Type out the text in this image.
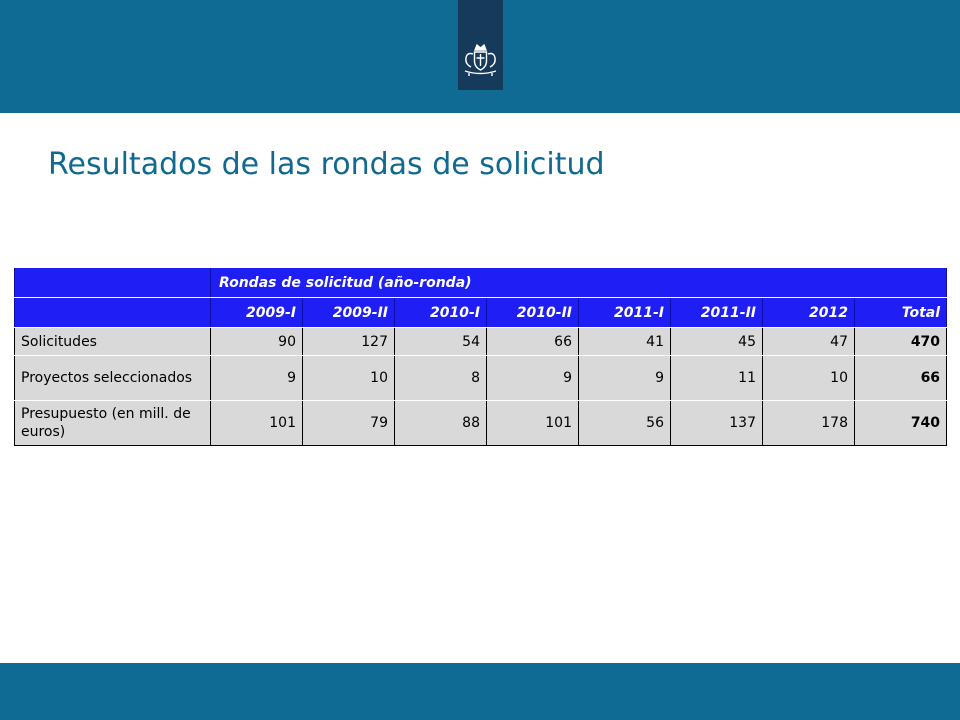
Resultados de las rondas de solicitud
	Rondas de solicitud (año-ronda)							
	2009-I	2009-II	2010-I	2010-II	2011-I	2011-II	2012	Total
Solicitudes	90	127	54	66	41	45	47	470
Proyectos seleccionados	9	10	8	9	9	11	10	66
Presupuesto (en mill. de euros)	101	79	88	101	56	137	178	740
